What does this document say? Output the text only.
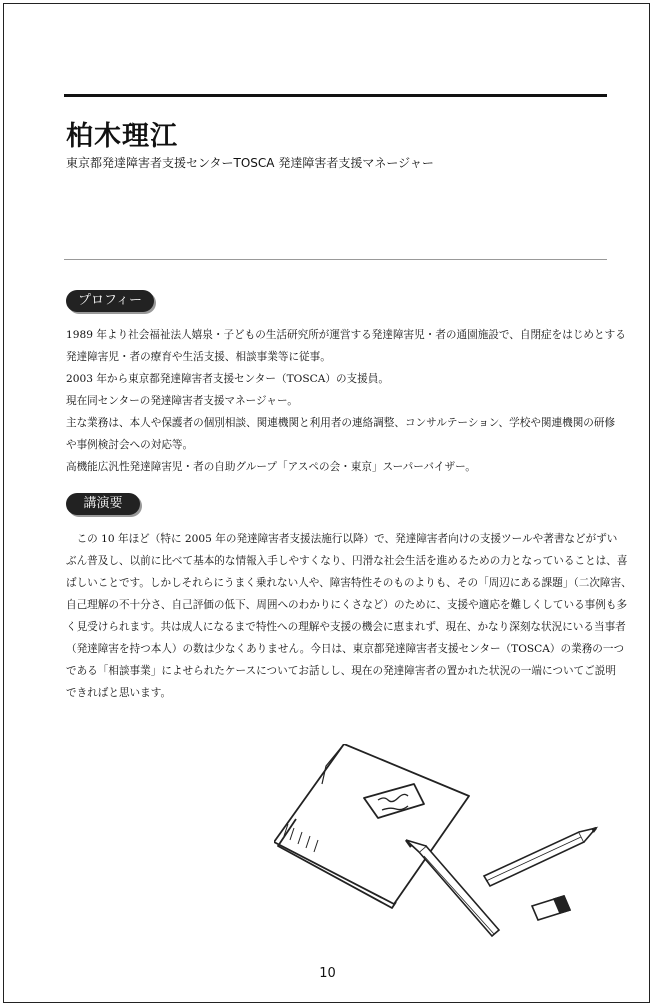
柏木理江
東京都発達障害者支援センターTOSCA 発達障害者支援マネージャー
プロフィール

1989 年より社会福祉法人嬉泉・子どもの生活研究所が運営する発達障害児・者の通園施設で、自閉症をはじめとする

発達障害児・者の療育や生活支援、相談事業等に従事。

2003 年から東京都発達障害者支援センター（TOSCA）の支援員。

現在同センターの発達障害者支援マネージャー。

主な業務は、本人や保護者の個別相談、関連機関と利用者の連絡調整、コンサルテーション、学校や関連機関の研修

や事例検討会への対応等。

高機能広汎性発達障害児・者の自助グループ「アスペの会・東京」スーパーバイザー。

講演要旨

　この 10 年ほど（特に 2005 年の発達障害者支援法施行以降）で、発達障害者向けの支援ツールや著書などがずい

ぶん普及し、以前に比べて基本的な情報入手しやすくなり、円滑な社会生活を進めるための力となっていることは、喜

ばしいことです。しかしそれらにうまく乗れない人や、障害特性そのものよりも、その「周辺にある課題」（二次障害、

自己理解の不十分さ、自己評価の低下、周囲へのわかりにくさなど）のために、支援や適応を難しくしている事例も多

く見受けられます。共は成人になるまで特性への理解や支援の機会に恵まれず、現在、かなり深刻な状況にいる当事者

（発達障害を持つ本人）の数は少なくありません。今日は、東京都発達障害者支援センター（TOSCA）の業務の一つ

である「相談事業」によせられたケースについてお話しし、現在の発達障害者の置かれた状況の一端についてご説明

できればと思います。

10
